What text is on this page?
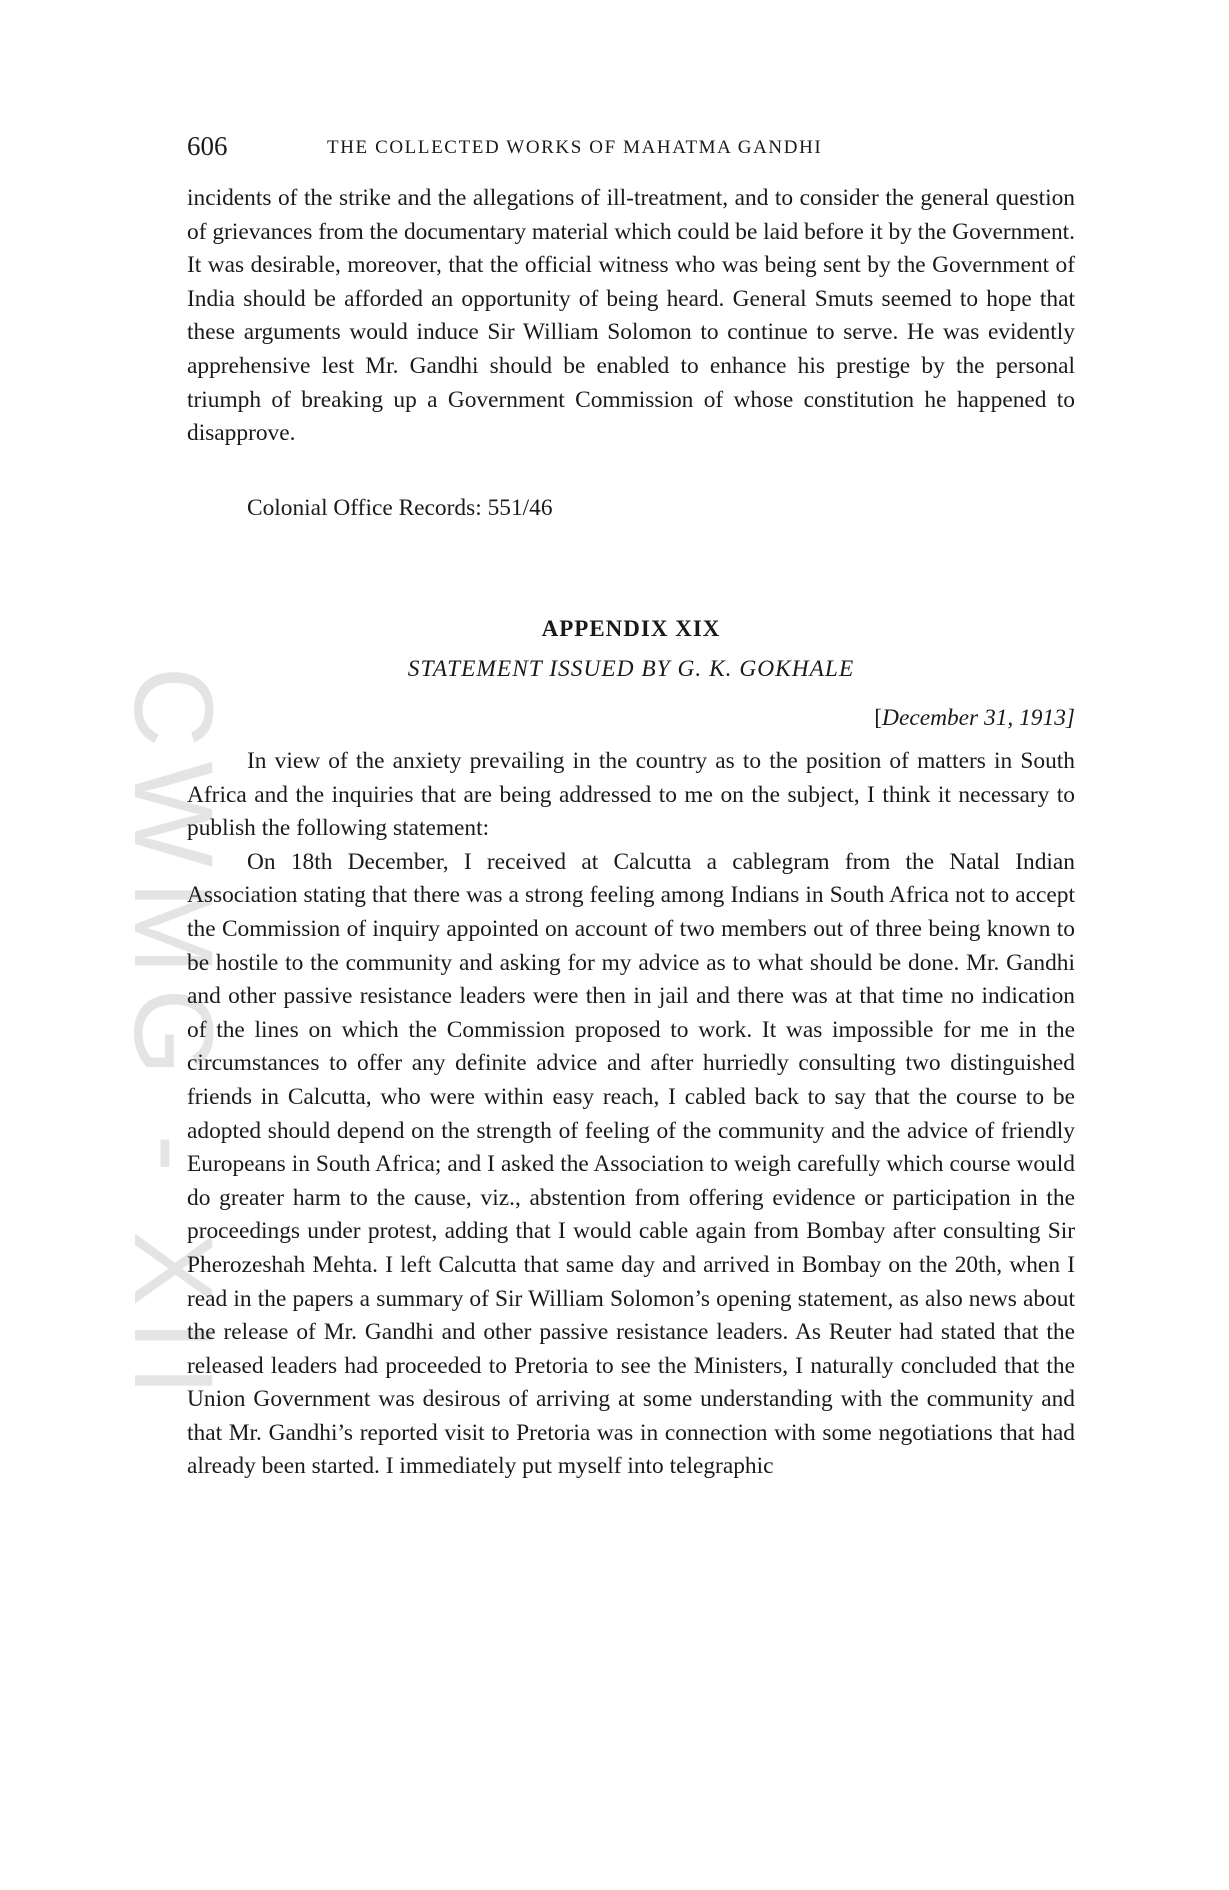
CWMG - XII
606	THE COLLECTED WORKS OF MAHATMA GANDHI

incidents of the strike and the allegations of ill-treatment, and to consider the general question of grievances from the documentary material which could be laid before it by the Government. It was desirable, moreover, that the official witness who was being sent by the Government of India should be afforded an opportunity of being heard. General Smuts seemed to hope that these arguments would induce Sir William Solomon to continue to serve. He was evidently apprehensive lest Mr. Gandhi should be enabled to enhance his prestige by the personal triumph of breaking up a Government Commission of whose constitution he happened to disapprove.

Colonial Office Records: 551/46
APPENDIX XIX
STATEMENT ISSUED BY G. K. GOKHALE
[December 31, 1913]

In view of the anxiety prevailing in the country as to the position of matters in South Africa and the inquiries that are being addressed to me on the subject, I think it necessary to publish the following statement:

On 18th December, I received at Calcutta a cablegram from the Natal Indian Association stating that there was a strong feeling among Indians in South Africa not to accept the Commission of inquiry appointed on account of two members out of three being known to be hostile to the community and asking for my advice as to what should be done. Mr. Gandhi and other passive resistance leaders were then in jail and there was at that time no indication of the lines on which the Commission proposed to work. It was impossible for me in the circumstances to offer any definite advice and after hurriedly consulting two distinguished friends in Calcutta, who were within easy reach, I cabled back to say that the course to be adopted should depend on the strength of feeling of the community and the advice of friendly Europeans in South Africa; and I asked the Association to weigh carefully which course would do greater harm to the cause, viz., abstention from offering evidence or participation in the proceedings under protest, adding that I would cable again from Bombay after consulting Sir Pherozeshah Mehta. I left Calcutta that same day and arrived in Bombay on the 20th, when I read in the papers a summary of Sir William Solomon’s opening statement, as also news about the release of Mr. Gandhi and other passive resistance leaders. As Reuter had stated that the released leaders had proceeded to Pretoria to see the Ministers, I naturally concluded that the Union Government was desirous of arriving at some understanding with the community and that Mr. Gandhi’s reported visit to Pretoria was in connection with some negotiations that had already been started. I immediately put myself into telegraphic
